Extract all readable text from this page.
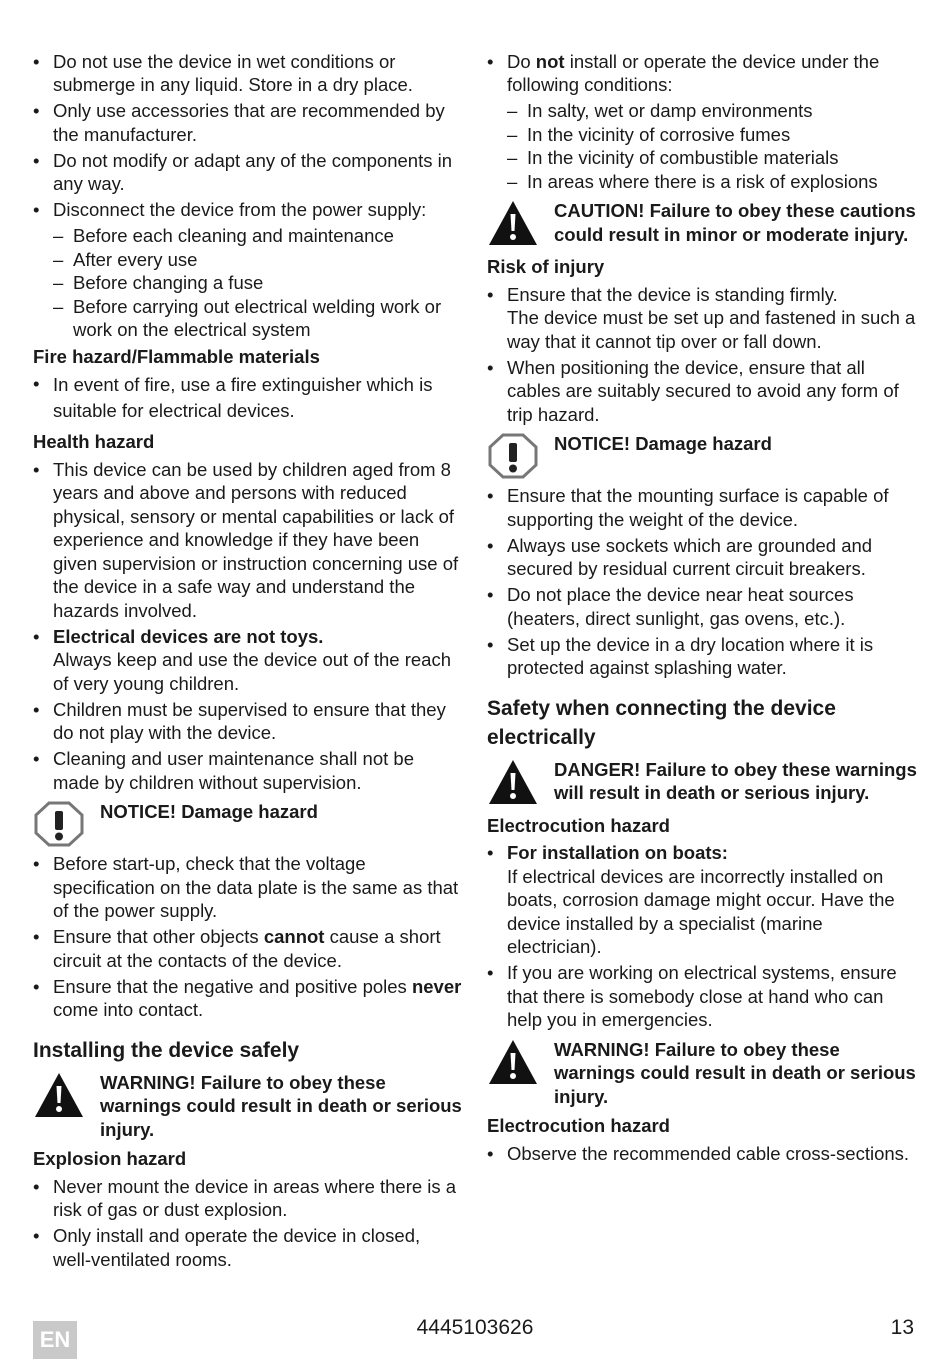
• Do not use the device in wet conditions or submerge in any liquid. Store in a dry place.
• Only use accessories that are recommended by the manufacturer.
• Do not modify or adapt any of the components in any way.
• Disconnect the device from the power supply:
– Before each cleaning and maintenance
– After every use
– Before changing a fuse
– Before carrying out electrical welding work or work on the electrical system
Fire hazard/Flammable materials
• In event of fire, use a fire extinguisher which is suitable for electrical devices.
Health hazard
• This device can be used by children aged from 8 years and above and persons with reduced physical, sensory or mental capabilities or lack of experience and knowledge if they have been given supervision or instruction concerning use of the device in a safe way and understand the hazards involved.
• Electrical devices are not toys.
Always keep and use the device out of the reach of very young children.
• Children must be supervised to ensure that they do not play with the device.
• Cleaning and user maintenance shall not be made by children without supervision.
NOTICE! Damage hazard
• Before start-up, check that the voltage specification on the data plate is the same as that of the power supply.
• Ensure that other objects cannot cause a short circuit at the contacts of the device.
• Ensure that the negative and positive poles never come into contact.
Installing the device safely
WARNING! Failure to obey these warnings could result in death or serious injury.
Explosion hazard
• Never mount the device in areas where there is a risk of gas or dust explosion.
• Only install and operate the device in closed, well-ventilated rooms.
• Do not install or operate the device under the following conditions:
– In salty, wet or damp environments
– In the vicinity of corrosive fumes
– In the vicinity of combustible materials
– In areas where there is a risk of explosions
CAUTION! Failure to obey these cautions could result in minor or moderate injury.
Risk of injury
• Ensure that the device is standing firmly.
The device must be set up and fastened in such a way that it cannot tip over or fall down.
• When positioning the device, ensure that all cables are suitably secured to avoid any form of trip hazard.
NOTICE! Damage hazard
• Ensure that the mounting surface is capable of supporting the weight of the device.
• Always use sockets which are grounded and secured by residual current circuit breakers.
• Do not place the device near heat sources (heaters, direct sunlight, gas ovens, etc.).
• Set up the device in a dry location where it is protected against splashing water.
Safety when connecting the device electrically
DANGER! Failure to obey these warnings will result in death or serious injury.
Electrocution hazard
• For installation on boats:
If electrical devices are incorrectly installed on boats, corrosion damage might occur. Have the device installed by a specialist (marine electrician).
• If you are working on electrical systems, ensure that there is somebody close at hand who can help you in emergencies.
WARNING! Failure to obey these warnings could result in death or serious injury.
Electrocution hazard
• Observe the recommended cable cross-sections.
EN	4445103626	13
